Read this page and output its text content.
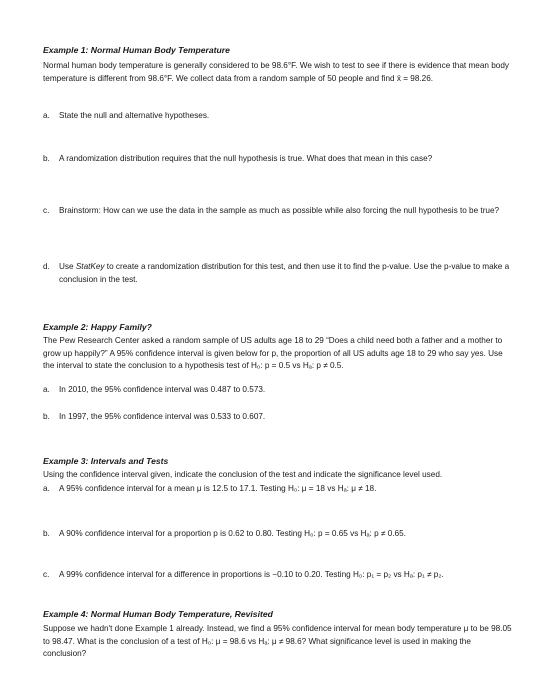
Example 1: Normal Human Body Temperature

Normal human body temperature is generally considered to be 98.6°F. We wish to test to see if there is evidence that mean body temperature is different from 98.6°F. We collect data from a random sample of 50 people and find x̄ = 98.26.

a.	State the null and alternative hypotheses.
b.	A randomization distribution requires that the null hypothesis is true. What does that mean in this case?
c.	Brainstorm: How can we use the data in the sample as much as possible while also forcing the null hypothesis to be true?
d.	Use StatKey to create a randomization distribution for this test, and then use it to find the p-value. Use the p-value to make a conclusion in the test.
Example 2: Happy Family?

The Pew Research Center asked a random sample of US adults age 18 to 29 “Does a child need both a father and a mother to grow up happily?” A 95% confidence interval is given below for p, the proportion of all US adults age 18 to 29 who say yes. Use the interval to state the conclusion to a hypothesis test of H₀: p = 0.5 vs Hₐ: p ≠ 0.5.

a.	In 2010, the 95% confidence interval was 0.487 to 0.573.
b.	In 1997, the 95% confidence interval was 0.533 to 0.607.
Example 3: Intervals and Tests

Using the confidence interval given, indicate the conclusion of the test and indicate the significance level used.

a.	A 95% confidence interval for a mean μ is 12.5 to 17.1. Testing H₀: μ = 18 vs Hₐ: μ ≠ 18.
b.	A 90% confidence interval for a proportion p is 0.62 to 0.80. Testing H₀: p = 0.65 vs Hₐ: p ≠ 0.65.
c.	A 99% confidence interval for a difference in proportions is −0.10 to 0.20. Testing H₀: p₁ = p₂ vs Hₐ: p₁ ≠ p₂.
Example 4: Normal Human Body Temperature, Revisited

Suppose we hadn't done Example 1 already. Instead, we find a 95% confidence interval for mean body temperature μ to be 98.05 to 98.47. What is the conclusion of a test of H₀: μ = 98.6 vs Hₐ: μ ≠ 98.6? What significance level is used in making the conclusion?
